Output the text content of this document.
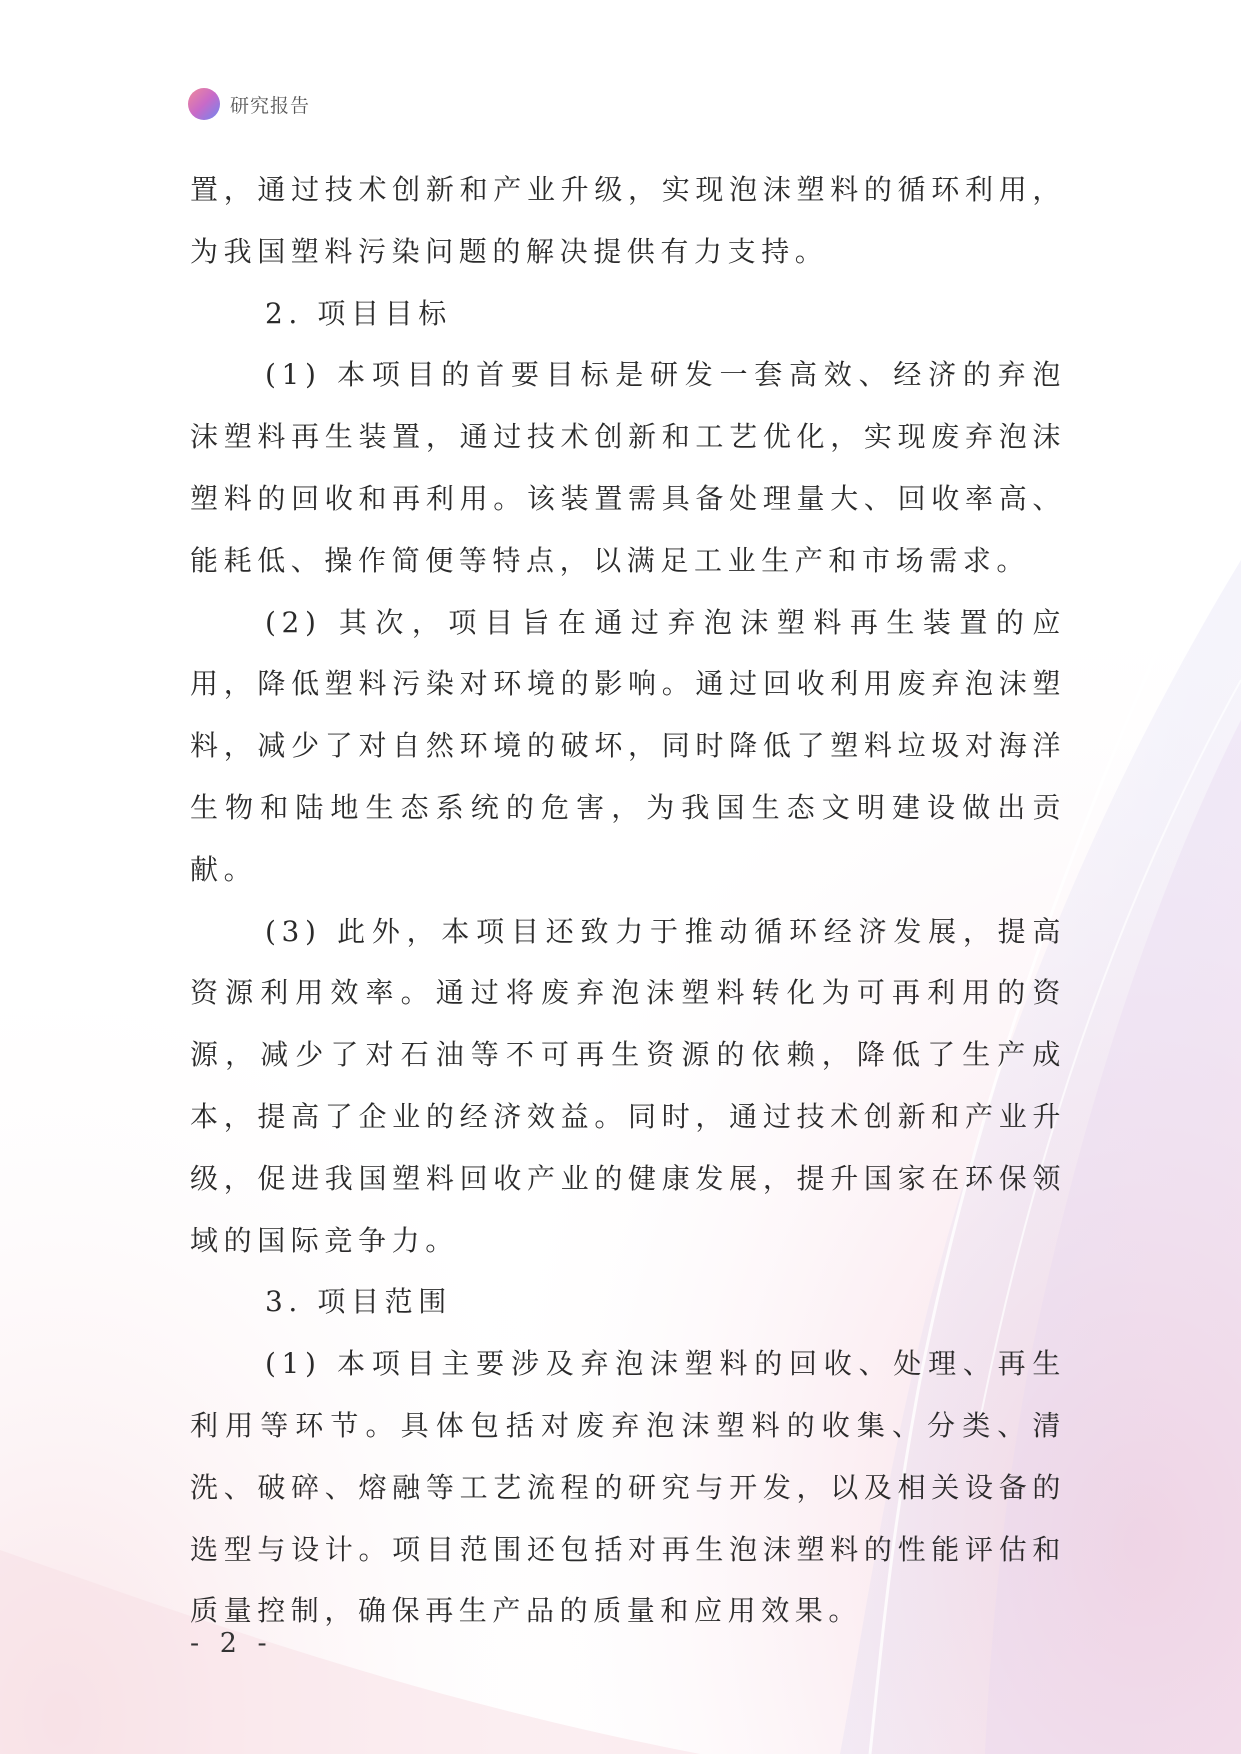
研究报告

置，通过技术创新和产业升级，实现泡沫塑料的循环利用，为我国塑料污染问题的解决提供有力支持。

2. 项目目标

(1) 本项目的首要目标是研发一套高效、经济的弃泡沫塑料再生装置，通过技术创新和工艺优化，实现废弃泡沫塑料的回收和再利用。该装置需具备处理量大、回收率高、能耗低、操作简便等特点，以满足工业生产和市场需求。

(2) 其次，项目旨在通过弃泡沫塑料再生装置的应用，降低塑料污染对环境的影响。通过回收利用废弃泡沫塑料，减少了对自然环境的破坏，同时降低了塑料垃圾对海洋生物和陆地生态系统的危害，为我国生态文明建设做出贡献。

(3) 此外，本项目还致力于推动循环经济发展，提高资源利用效率。通过将废弃泡沫塑料转化为可再利用的资源，减少了对石油等不可再生资源的依赖，降低了生产成本，提高了企业的经济效益。同时，通过技术创新和产业升级，促进我国塑料回收产业的健康发展，提升国家在环保领域的国际竞争力。

3. 项目范围

(1) 本项目主要涉及弃泡沫塑料的回收、处理、再生利用等环节。具体包括对废弃泡沫塑料的收集、分类、清洗、破碎、熔融等工艺流程的研究与开发，以及相关设备的选型与设计。项目范围还包括对再生泡沫塑料的性能评估和质量控制，确保再生产品的质量和应用效果。

- 2 -
